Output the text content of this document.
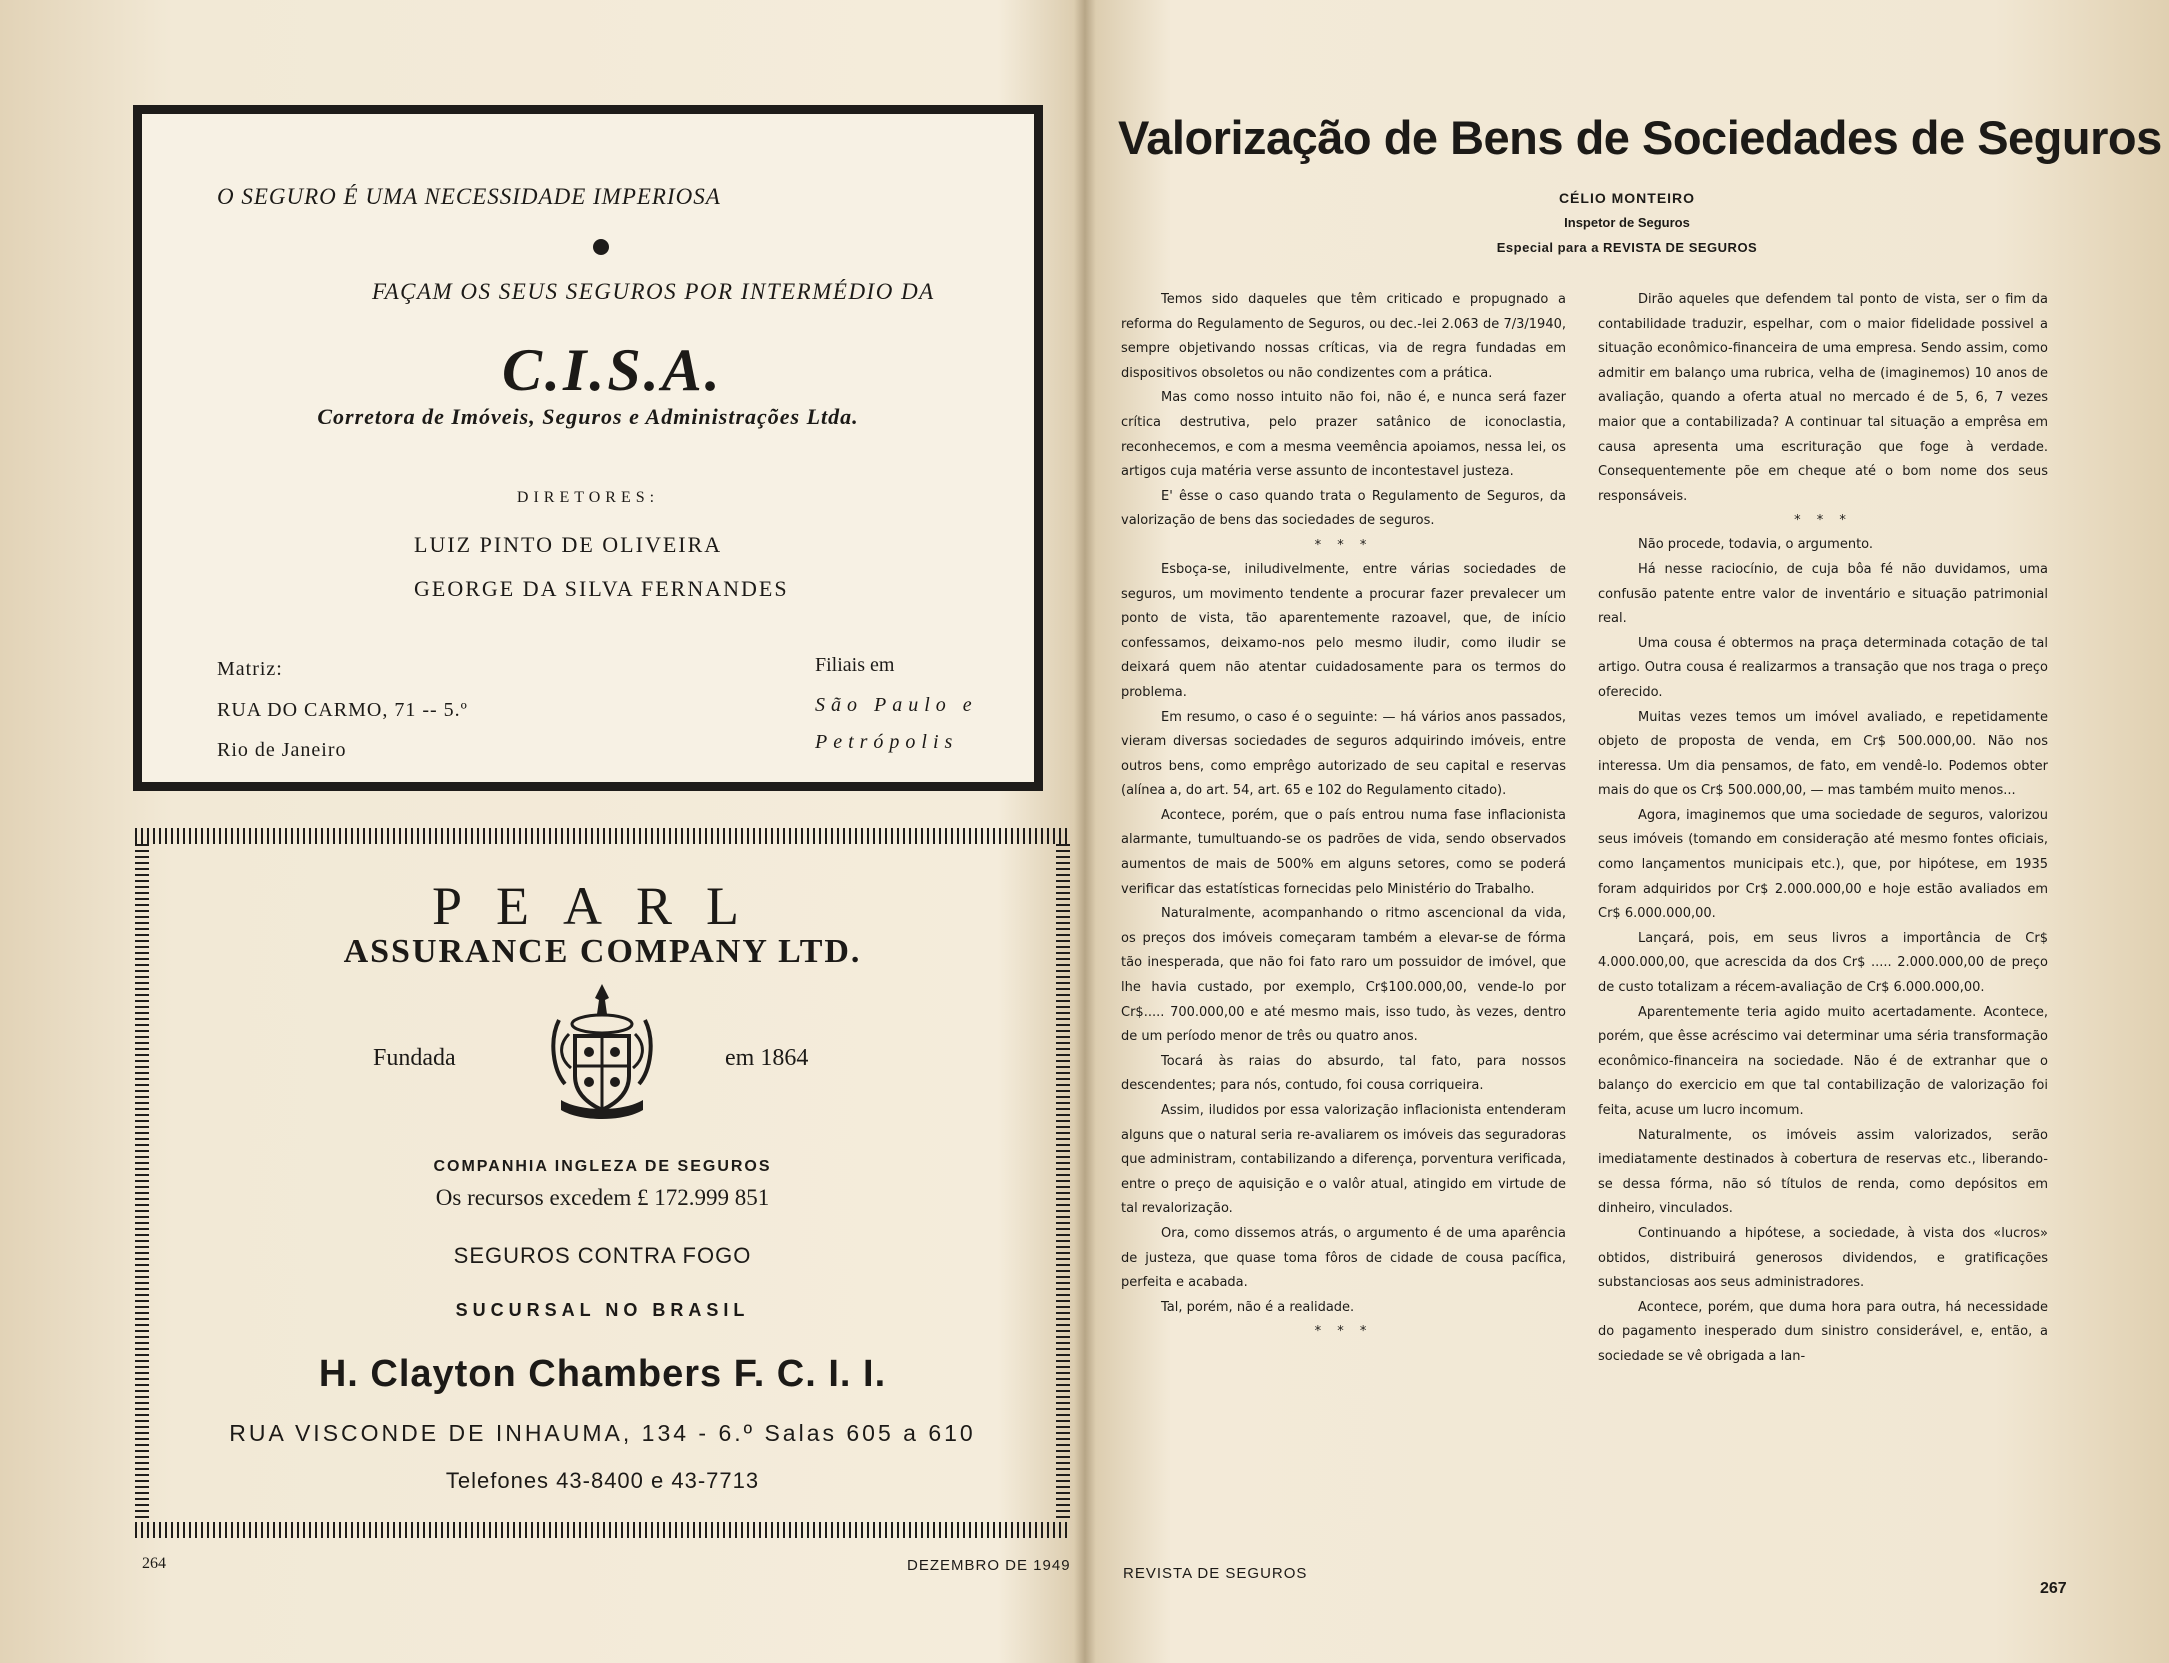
O SEGURO É UMA NECESSIDADE IMPERIOSA
FAÇAM OS SEUS SEGUROS POR INTERMÉDIO DA
C.I.S.A.
Corretora de Imóveis, Seguros e Administrações Ltda.
DIRETORES:
LUIZ PINTO DE OLIVEIRA
GEORGE DA SILVA FERNANDES
Matriz:
RUA DO CARMO, 71 -- 5.º
Rio de Janeiro
Filiais em
São Paulo e
Petrópolis
PEARL
ASSURANCE COMPANY LTD.
Fundada	em 1864
COMPANHIA INGLEZA DE SEGUROS
Os recursos excedem £ 172.999 851
SEGUROS CONTRA FOGO
SUCURSAL NO BRASIL
H. Clayton Chambers F. C. I. I.
RUA VISCONDE DE INHAUMA, 134 - 6.º Salas 605 a 610
Telefones 43-8400 e 43-7713
264	DEZEMBRO DE 1949
Valorização de Bens de Sociedades de Seguros
CÉLIO MONTEIRO
Inspetor de Seguros
Especial para a REVISTA DE SEGUROS

Temos sido daqueles que têm criticado e propugnado a reforma do Regulamento de Seguros, ou dec.-lei 2.063 de 7/3/1940, sempre objetivando nossas críticas, via de regra fundadas em dispositivos obsoletos ou não condizentes com a prática.

Mas como nosso intuito não foi, não é, e nunca será fazer crítica destrutiva, pelo prazer satânico de iconoclastia, reconhecemos, e com a mesma veemência apoiamos, nessa lei, os artigos cuja matéria verse assunto de incontestavel justeza.

E' êsse o caso quando trata o Regulamento de Seguros, da valorização de bens das sociedades de seguros.

* * *

Esboça-se, iniludivelmente, entre várias sociedades de seguros, um movimento tendente a procurar fazer prevalecer um ponto de vista, tão aparentemente razoavel, que, de início confessamos, deixamo-nos pelo mesmo iludir, como iludir se deixará quem não atentar cuidadosamente para os termos do problema.

Em resumo, o caso é o seguinte: — há vários anos passados, vieram diversas sociedades de seguros adquirindo imóveis, entre outros bens, como emprêgo autorizado de seu capital e reservas (alínea a, do art. 54, art. 65 e 102 do Regulamento citado).

Acontece, porém, que o país entrou numa fase inflacionista alarmante, tumultuando-se os padrões de vida, sendo observados aumentos de mais de 500% em alguns setores, como se poderá verificar das estatísticas fornecidas pelo Ministério do Trabalho.

Naturalmente, acompanhando o ritmo ascencional da vida, os preços dos imóveis começaram também a elevar-se de fórma tão inesperada, que não foi fato raro um possuidor de imóvel, que lhe havia custado, por exemplo, Cr$100.000,00, vende-lo por Cr$..... 700.000,00 e até mesmo mais, isso tudo, às vezes, dentro de um período menor de três ou quatro anos.

Tocará às raias do absurdo, tal fato, para nossos descendentes; para nós, contudo, foi cousa corriqueira.

Assim, iludidos por essa valorização inflacionista entenderam alguns que o natural seria re-avaliarem os imóveis das seguradoras que administram, contabilizando a diferença, porventura verificada, entre o preço de aquisição e o valôr atual, atingido em virtude de tal revalorização.

Ora, como dissemos atrás, o argumento é de uma aparência de justeza, que quase toma fôros de cidade de cousa pacífica, perfeita e acabada.

Tal, porém, não é a realidade.

* * *

Dirão aqueles que defendem tal ponto de vista, ser o fim da contabilidade traduzir, espelhar, com o maior fidelidade possivel a situação econômico-financeira de uma empresa. Sendo assim, como admitir em balanço uma rubrica, velha de (imaginemos) 10 anos de avaliação, quando a oferta atual no mercado é de 5, 6, 7 vezes maior que a contabilizada? A continuar tal situação a emprêsa em causa apresenta uma escrituração que foge à verdade. Consequentemente põe em cheque até o bom nome dos seus responsáveis.

* * *

Não procede, todavia, o argumento.

Há nesse raciocínio, de cuja bôa fé não duvidamos, uma confusão patente entre valor de inventário e situação patrimonial real.

Uma cousa é obtermos na praça determinada cotação de tal artigo. Outra cousa é realizarmos a transação que nos traga o preço oferecido.

Muitas vezes temos um imóvel avaliado, e repetidamente objeto de proposta de venda, em Cr$ 500.000,00. Não nos interessa. Um dia pensamos, de fato, em vendê-lo. Podemos obter mais do que os Cr$ 500.000,00, — mas também muito menos...

Agora, imaginemos que uma sociedade de seguros, valorizou seus imóveis (tomando em consideração até mesmo fontes oficiais, como lançamentos municipais etc.), que, por hipótese, em 1935 foram adquiridos por Cr$ 2.000.000,00 e hoje estão avaliados em Cr$ 6.000.000,00.

Lançará, pois, em seus livros a importância de Cr$ 4.000.000,00, que acrescida da dos Cr$ ..... 2.000.000,00 de preço de custo totalizam a récem-avaliação de Cr$ 6.000.000,00.

Aparentemente teria agido muito acertadamente. Acontece, porém, que êsse acréscimo vai determinar uma séria transformação econômico-financeira na sociedade. Não é de extranhar que o balanço do exercicio em que tal contabilização de valorização foi feita, acuse um lucro incomum.

Naturalmente, os imóveis assim valorizados, serão imediatamente destinados à cobertura de reservas etc., liberando-se dessa fórma, não só títulos de renda, como depósitos em dinheiro, vinculados.

Continuando a hipótese, a sociedade, à vista dos «lucros» obtidos, distribuirá generosos dividendos, e gratificações substanciosas aos seus administradores.

Acontece, porém, que duma hora para outra, há necessidade do pagamento inesperado dum sinistro considerável, e, então, a sociedade se vê obrigada a lan-

REVISTA DE SEGUROS
267
